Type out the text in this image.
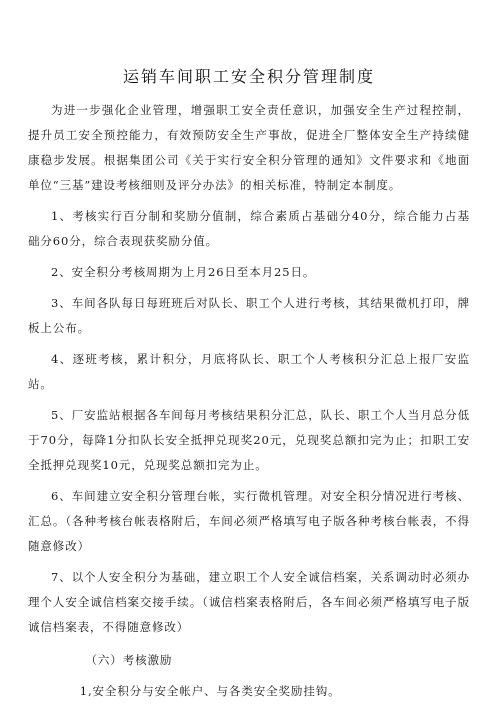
运销车间职工安全积分管理制度

为进一步强化企业管理，增强职工安全责任意识，加强安全生产过程控制，提升员工安全预控能力，有效预防安全生产事故，促进全厂整体安全生产持续健康稳步发展。根据集团公司《关于实行安全积分管理的通知》文件要求和《地面单位“三基”建设考核细则及评分办法》的相关标准，特制定本制度。

1、考核实行百分制和奖励分值制，综合素质占基础分40分，综合能力占基础分60分，综合表现获奖励分值。

2、安全积分考核周期为上月26日至本月25日。

3、车间各队每日每班班后对队长、职工个人进行考核，其结果微机打印，牌板上公布。

4、逐班考核，累计积分，月底将队长、职工个人考核积分汇总上报厂安监站。

5、厂安监站根据各车间每月考核结果积分汇总，队长、职工个人当月总分低于70分，每降1分扣队长安全抵押兑现奖20元，兑现奖总额扣完为止；扣职工安全抵押兑现奖10元，兑现奖总额扣完为止。

6、车间建立安全积分管理台帐，实行微机管理。对安全积分情况进行考核、汇总。（各种考核台帐表格附后，车间必须严格填写电子版各种考核台帐表，不得随意修改）

7、以个人安全积分为基础，建立职工个人安全诚信档案，关系调动时必须办理个人安全诚信档案交接手续。（诚信档案表格附后，各车间必须严格填写电子版诚信档案表，不得随意修改）

（六）考核激励

1,安全积分与安全帐户、与各类安全奖励挂钩。
